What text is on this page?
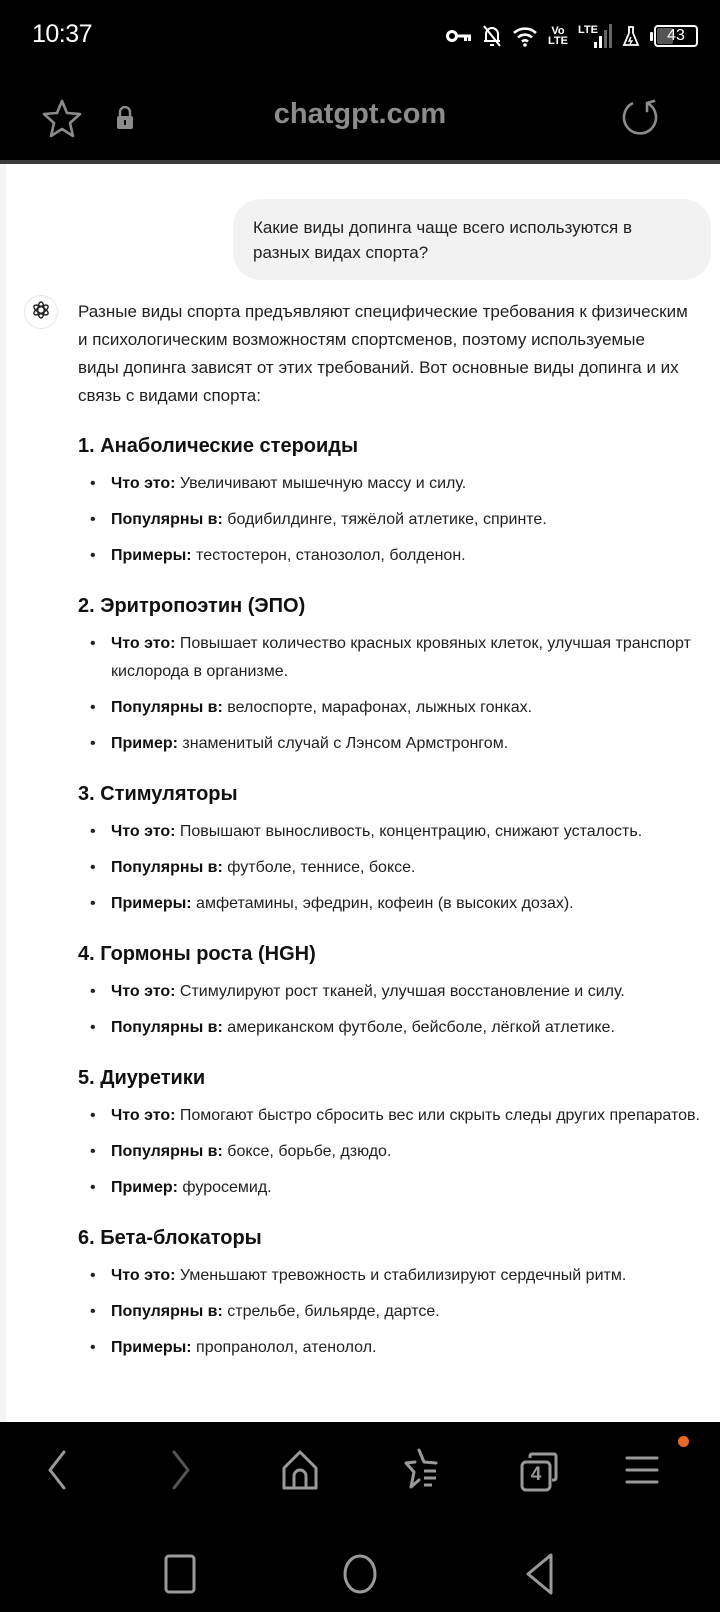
10:37	Vo
LTE
LTE	43
chatgpt.com
Какие виды допинга чаще всего используются в разных видах спорта?

Разные виды спорта предъявляют специфические требования к физическим и психологическим возможностям спортсменов, поэтому используемые виды допинга зависят от этих требований. Вот основные виды допинга и их связь с видами спорта:

1. Анаболические стероиды
• Что это: Увеличивают мышечную массу и силу.
• Популярны в: бодибилдинге, тяжёлой атлетике, спринте.
• Примеры: тестостерон, станозолол, болденон.
2. Эритропоэтин (ЭПО)
• Что это: Повышает количество красных кровяных клеток, улучшая транспорт кислорода в организме.
• Популярны в: велоспорте, марафонах, лыжных гонках.
• Пример: знаменитый случай с Лэнсом Армстронгом.
3. Стимуляторы
• Что это: Повышают выносливость, концентрацию, снижают усталость.
• Популярны в: футболе, теннисе, боксе.
• Примеры: амфетамины, эфедрин, кофеин (в высоких дозах).
4. Гормоны роста (HGH)
• Что это: Стимулируют рост тканей, улучшая восстановление и силу.
• Популярны в: американском футболе, бейсболе, лёгкой атлетике.
5. Диуретики
• Что это: Помогают быстро сбросить вес или скрыть следы других препаратов.
• Популярны в: боксе, борьбе, дзюдо.
• Пример: фуросемид.
6. Бета-блокаторы
• Что это: Уменьшают тревожность и стабилизируют сердечный ритм.
• Популярны в: стрельбе, бильярде, дартсе.
• Примеры: пропранолол, атенолол.
4
